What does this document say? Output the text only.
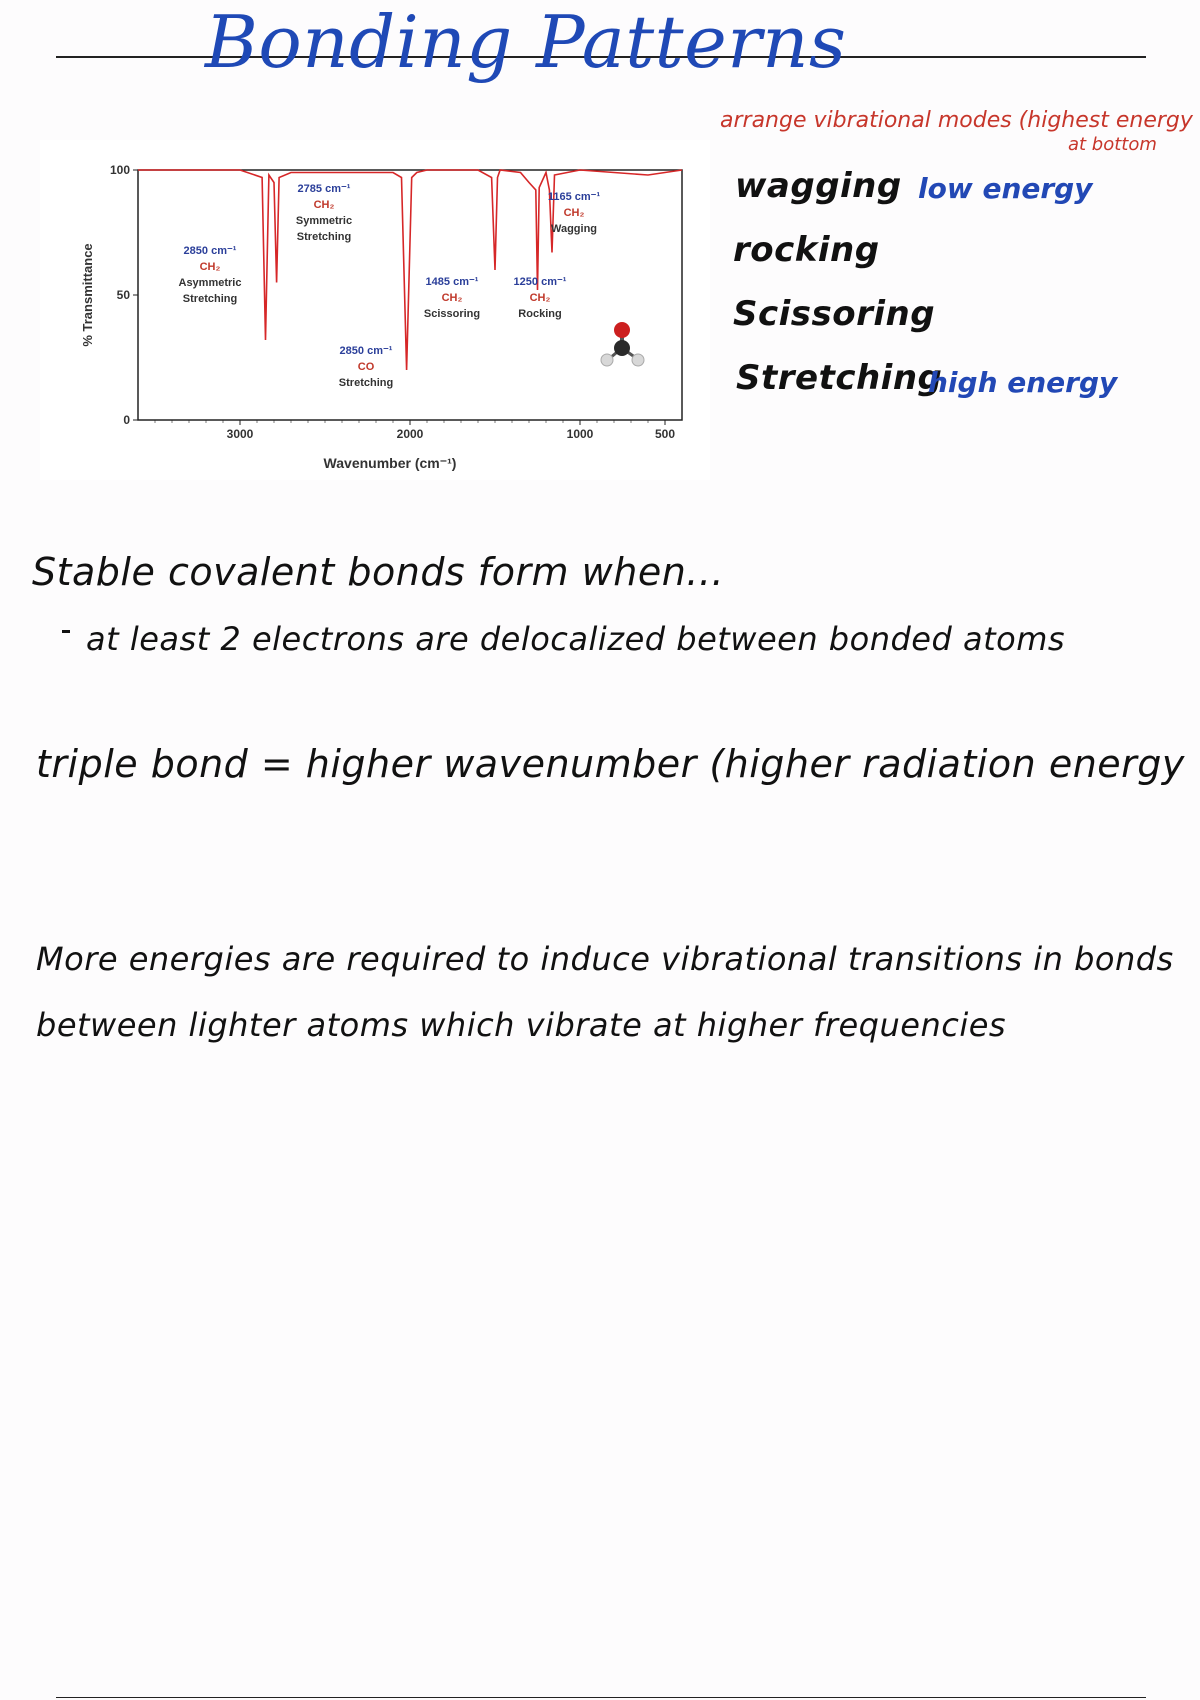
Bonding Patterns
arrange vibrational modes (highest energy
at bottom
0
50
100
3000	2000	1000	500
Wavenumber (cm⁻¹)
% Transmittance	2850 cm⁻¹
CH₂
Asymmetric
Stretching
2785 cm⁻¹
CH₂
Symmetric
Stretching
2850 cm⁻¹
CO
Stretching
1485 cm⁻¹
CH₂
Scissoring
1250 cm⁻¹
CH₂
Rocking
1165 cm⁻¹
CH₂
Wagging
wagging low energy
rocking
Scissoring
Stretching
high energy
Stable covalent bonds form when...
at least 2 electrons are delocalized between bonded atoms
triple bond = higher wavenumber (higher radiation energy
More energies are required to induce vibrational transitions in bonds
between lighter atoms which vibrate at higher frequencies
